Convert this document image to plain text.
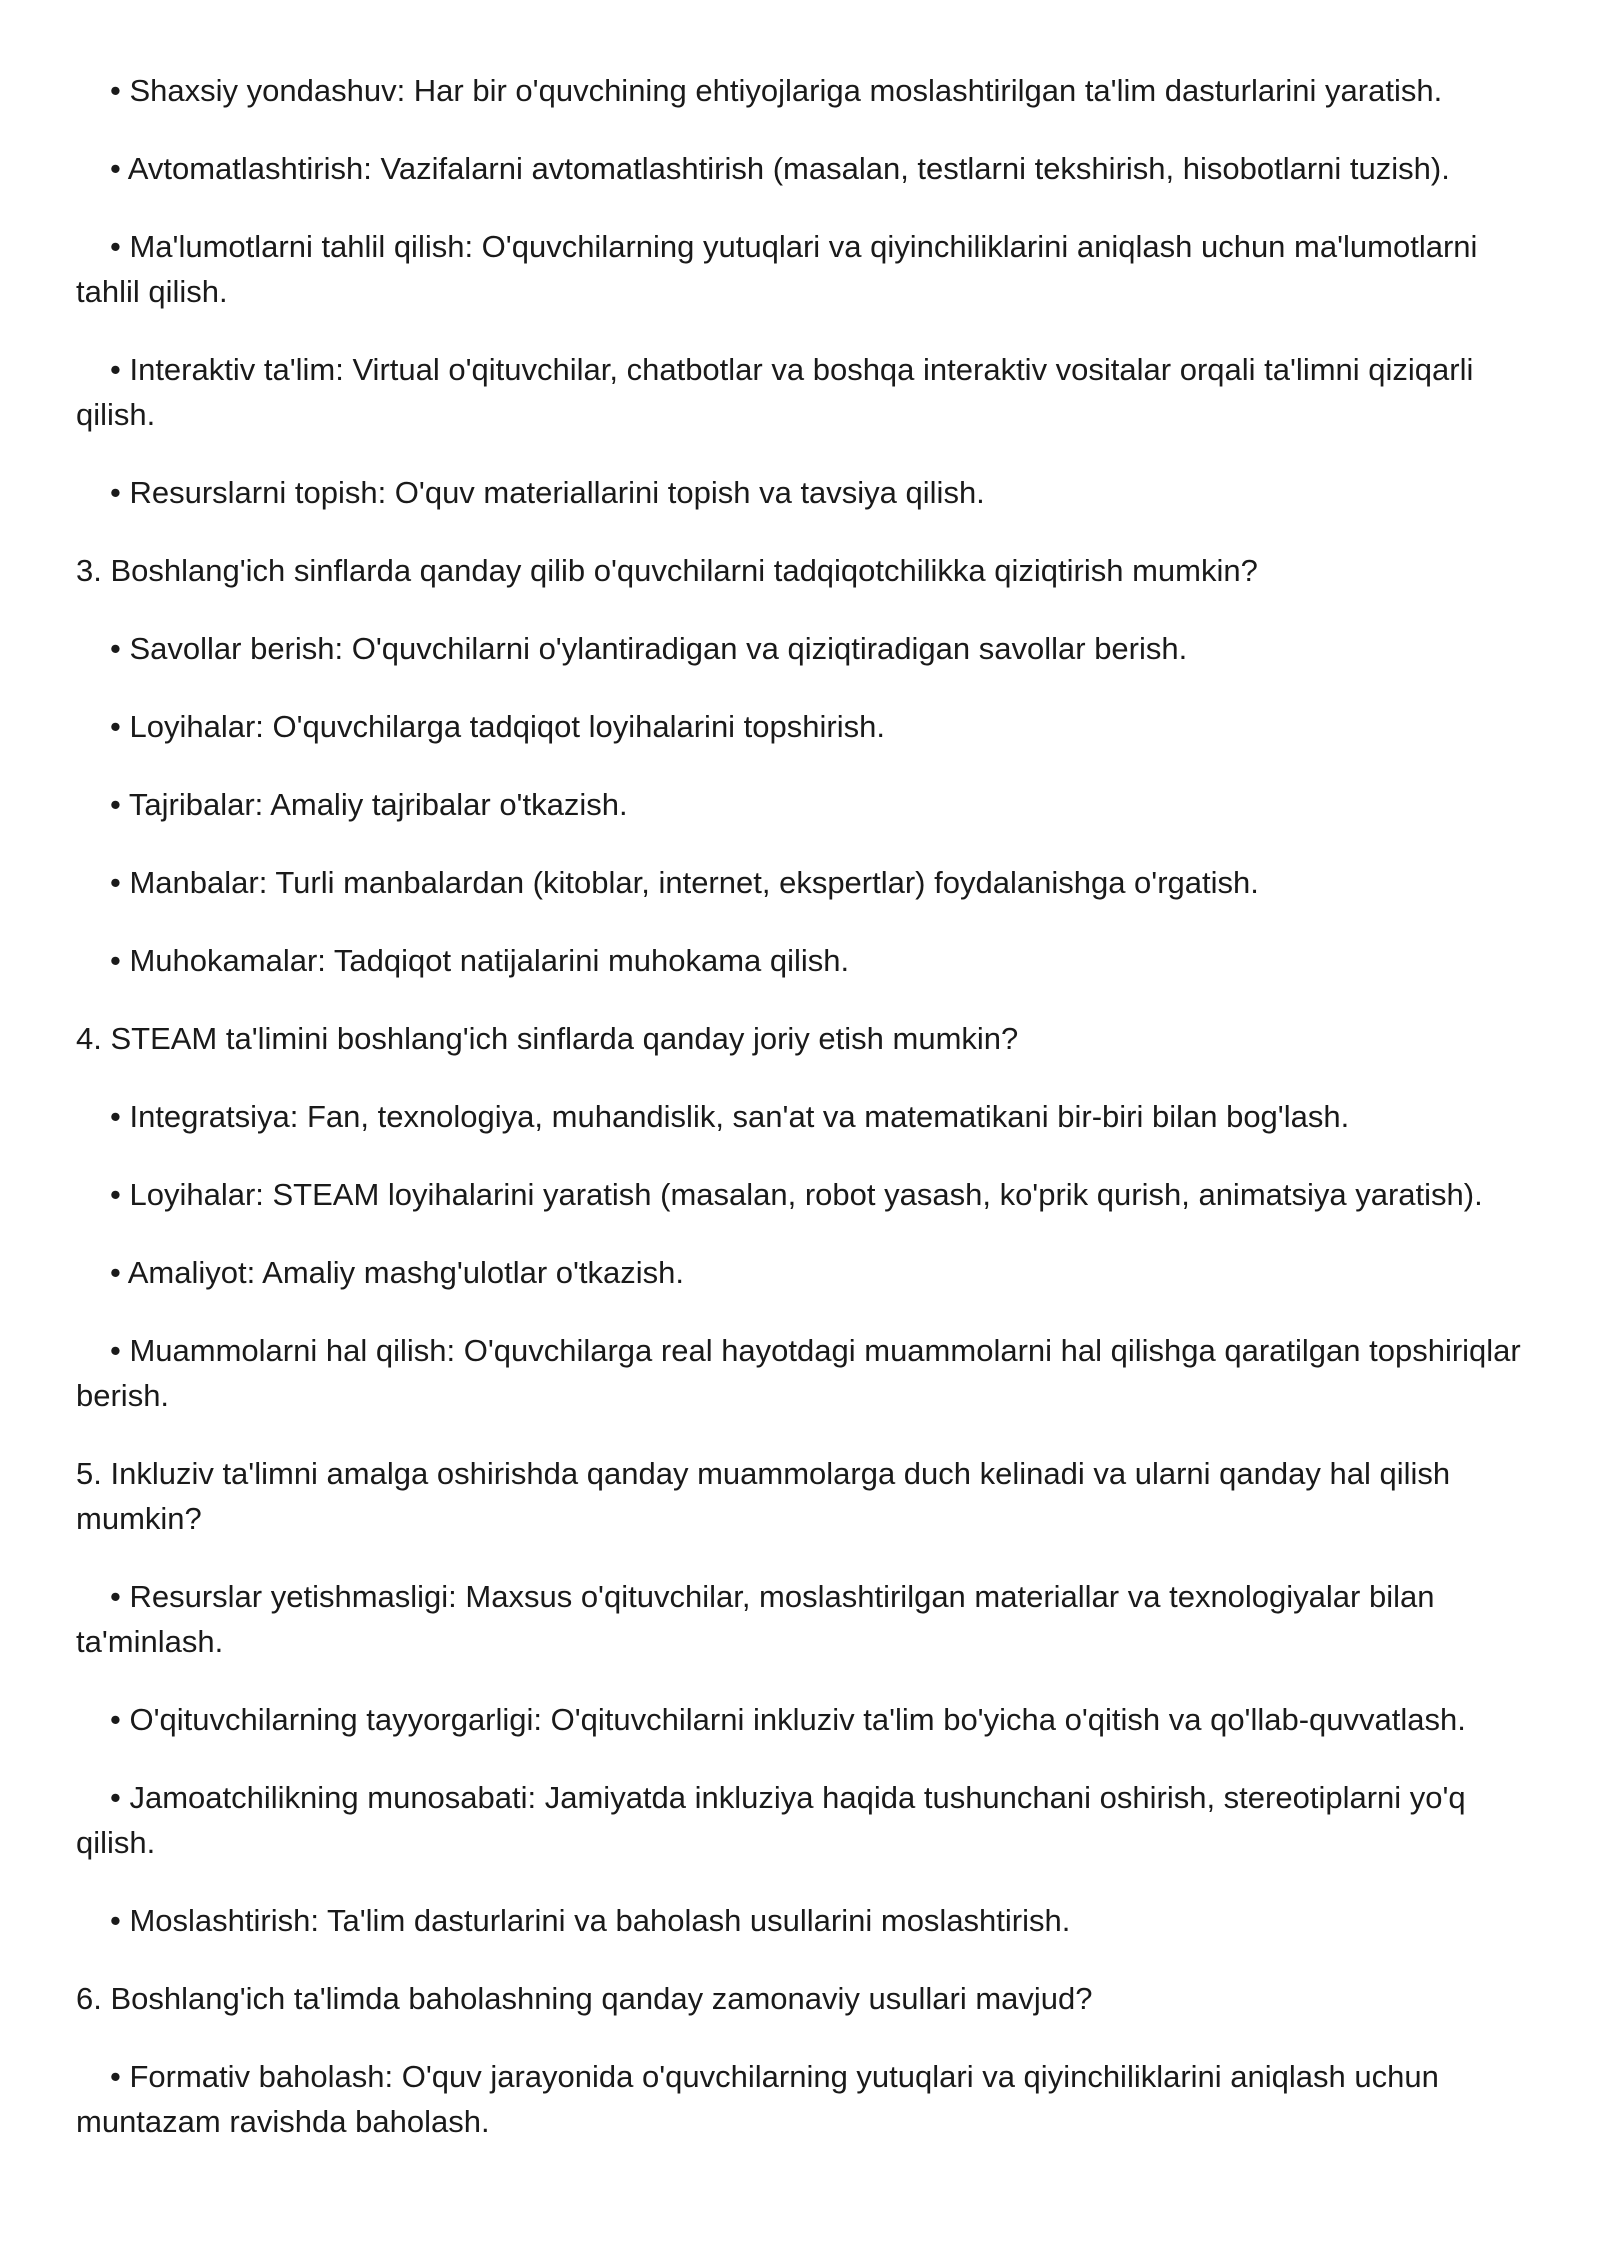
• Shaxsiy yondashuv: Har bir o'quvchining ehtiyojlariga moslashtirilgan ta'lim dasturlarini yaratish.

• Avtomatlashtirish: Vazifalarni avtomatlashtirish (masalan, testlarni tekshirish, hisobotlarni tuzish).

• Ma'lumotlarni tahlil qilish: O'quvchilarning yutuqlari va qiyinchiliklarini aniqlash uchun ma'lumotlarni tahlil qilish.

• Interaktiv ta'lim: Virtual o'qituvchilar, chatbotlar va boshqa interaktiv vositalar orqali ta'limni qiziqarli qilish.

• Resurslarni topish: O'quv materiallarini topish va tavsiya qilish.

3. Boshlang'ich sinflarda qanday qilib o'quvchilarni tadqiqotchilikka qiziqtirish mumkin?

• Savollar berish: O'quvchilarni o'ylantiradigan va qiziqtiradigan savollar berish.

• Loyihalar: O'quvchilarga tadqiqot loyihalarini topshirish.

• Tajribalar: Amaliy tajribalar o'tkazish.

• Manbalar: Turli manbalardan (kitoblar, internet, ekspertlar) foydalanishga o'rgatish.

• Muhokamalar: Tadqiqot natijalarini muhokama qilish.

4. STEAM ta'limini boshlang'ich sinflarda qanday joriy etish mumkin?

• Integratsiya: Fan, texnologiya, muhandislik, san'at va matematikani bir-biri bilan bog'lash.

• Loyihalar: STEAM loyihalarini yaratish (masalan, robot yasash, ko'prik qurish, animatsiya yaratish).

• Amaliyot: Amaliy mashg'ulotlar o'tkazish.

• Muammolarni hal qilish: O'quvchilarga real hayotdagi muammolarni hal qilishga qaratilgan topshiriqlar berish.

5. Inkluziv ta'limni amalga oshirishda qanday muammolarga duch kelinadi va ularni qanday hal qilish mumkin?

• Resurslar yetishmasligi: Maxsus o'qituvchilar, moslashtirilgan materiallar va texnologiyalar bilan ta'minlash.

• O'qituvchilarning tayyorgarligi: O'qituvchilarni inkluziv ta'lim bo'yicha o'qitish va qo'llab-quvvatlash.

• Jamoatchilikning munosabati: Jamiyatda inkluziya haqida tushunchani oshirish, stereotiplarni yo'q qilish.

• Moslashtirish: Ta'lim dasturlarini va baholash usullarini moslashtirish.

6. Boshlang'ich ta'limda baholashning qanday zamonaviy usullari mavjud?

• Formativ baholash: O'quv jarayonida o'quvchilarning yutuqlari va qiyinchiliklarini aniqlash uchun muntazam ravishda baholash.
